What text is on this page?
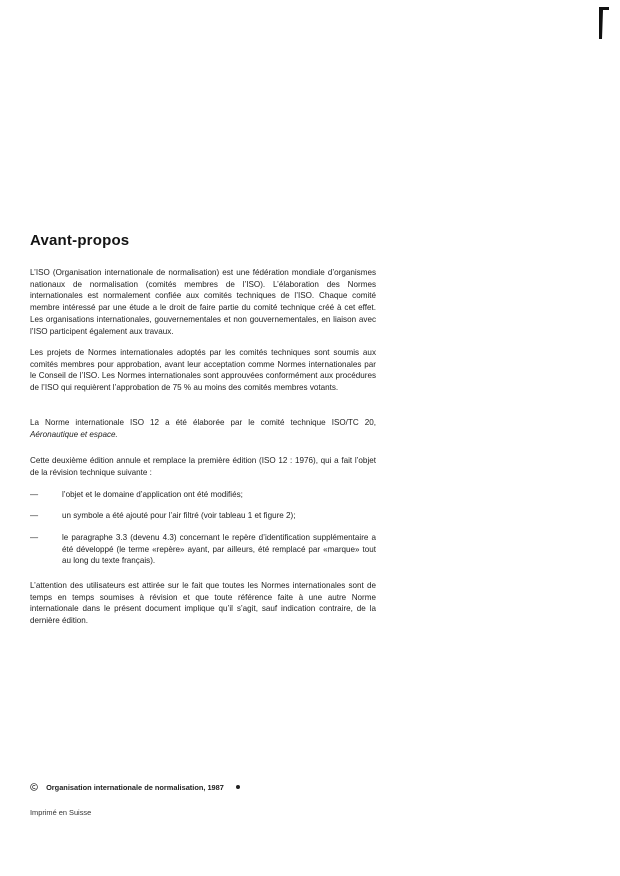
Avant-propos

L’ISO (Organisation internationale de normalisation) est une fédération mondiale d’organismes nationaux de normalisation (comités membres de l’ISO). L’élaboration des Normes internationales est normalement confiée aux comités techniques de l’ISO. Chaque comité membre intéressé par une étude a le droit de faire partie du comité technique créé à cet effet. Les organisations internationales, gouvernementales et non gouvernementales, en liaison avec l’ISO participent également aux travaux.

Les projets de Normes internationales adoptés par les comités techniques sont soumis aux comités membres pour approbation, avant leur acceptation comme Normes internationales par le Conseil de l’ISO. Les Normes internationales sont approuvées conformément aux procédures de l’ISO qui requièrent l’approbation de 75 % au moins des comités membres votants.

La Norme internationale ISO 12 a été élaborée par le comité technique ISO/TC 20, Aéronautique et espace.

Cette deuxième édition annule et remplace la première édition (ISO 12 : 1976), qui a fait l’objet de la révision technique suivante :

—	l’objet et le domaine d’application ont été modifiés;
—	un symbole a été ajouté pour l’air filtré (voir tableau 1 et figure 2);
—	le paragraphe 3.3 (devenu 4.3) concernant le repère d’identification supplémentaire a été développé (le terme «repère» ayant, par ailleurs, été remplacé par «marque» tout au long du texte français).

L’attention des utilisateurs est attirée sur le fait que toutes les Normes internationales sont de temps en temps soumises à révision et que toute référence faite à une autre Norme internationale dans le présent document implique qu’il s’agit, sauf indication contraire, de la dernière édition.

Organisation internationale de normalisation, 1987
Imprimé en Suisse
